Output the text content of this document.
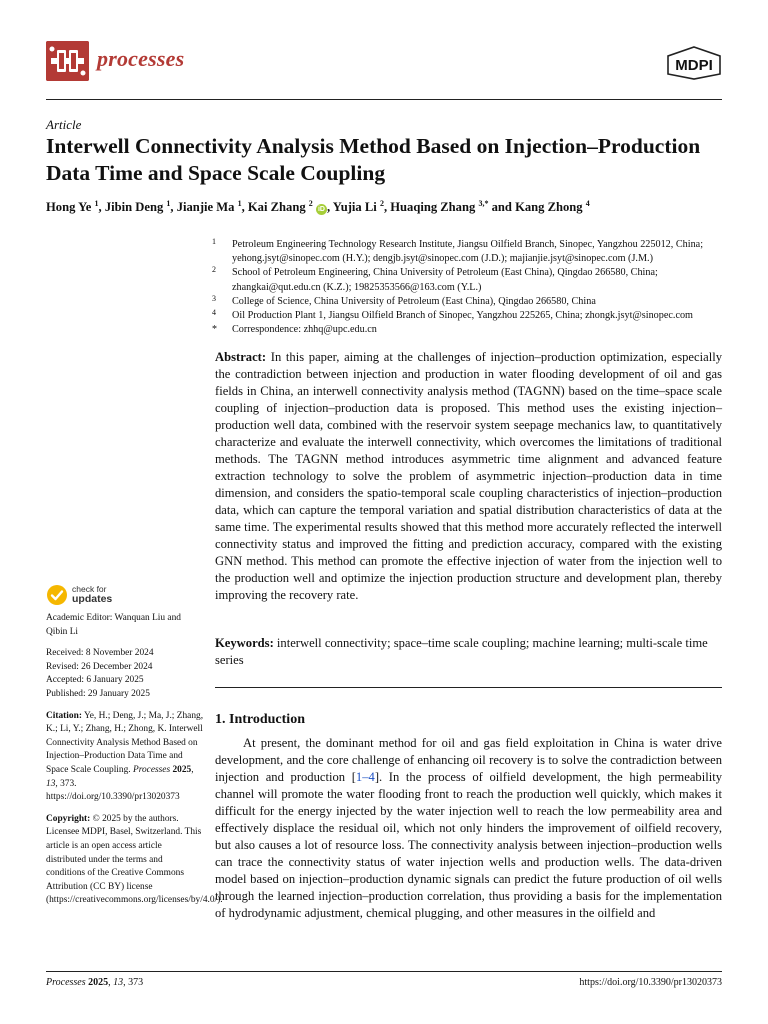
processes	MDPI
Article
Interwell Connectivity Analysis Method Based on Injection–Production Data Time and Space Scale Coupling
Hong Ye $^1$, Jibin Deng $^1$, Jianjie Ma $^1$, Kai Zhang $^2$ iD , Yujia Li $^2$, Huaqing Zhang $^{3,*}$ and Kang Zhong $^4$
1 Petroleum Engineering Technology Research Institute, Jiangsu Oilfield Branch, Sinopec, Yangzhou 225012, China; yehong.jsyt@sinopec.com (H.Y.); dengjb.jsyt@sinopec.com (J.D.); majianjie.jsyt@sinopec.com (J.M.)
2 School of Petroleum Engineering, China University of Petroleum (East China), Qingdao 266580, China; zhangkai@qut.edu.cn (K.Z.); 19825353566@163.com (Y.L.)
3 College of Science, China University of Petroleum (East China), Qingdao 266580, China
4 Oil Production Plant 1, Jiangsu Oilfield Branch of Sinopec, Yangzhou 225265, China; zhongk.jsyt@sinopec.com
* Correspondence: zhhq@upc.edu.cn

Abstract: In this paper, aiming at the challenges of injection–production optimization, especially the contradiction between injection and production in water flooding development of oil and gas fields in China, an interwell connectivity analysis method (TAGNN) based on the time–space scale coupling of injection–production data is proposed. This method uses the existing injection–production well data, combined with the reservoir system seepage mechanics law, to quantitatively characterize and evaluate the interwell connectivity, which overcomes the limitations of traditional methods. The TAGNN method introduces asymmetric time alignment and advanced feature extraction technology to solve the problem of asymmetric injection–production data in time dimension, and considers the spatio-temporal scale coupling characteristics of injection–production data, which can capture the temporal variation and spatial distribution characteristics of data at the same time. The experimental results showed that this method more accurately reflected the interwell connectivity status and improved the fitting and prediction accuracy, compared with the existing GNN method. This method can promote the effective injection of water from the injection well to the production well and optimize the injection production structure and development plan, thereby improving the recovery rate.

Keywords: interwell connectivity; space–time scale coupling; machine learning; multi-scale time series

check for
updates

Academic Editor: Wanquan Liu and Qibin Li

Received: 8 November 2024
Revised: 26 December 2024
Accepted: 6 January 2025
Published: 29 January 2025

Citation: Ye, H.; Deng, J.; Ma, J.; Zhang, K.; Li, Y.; Zhang, H.; Zhong, K. Interwell Connectivity Analysis Method Based on Injection–Production Data Time and Space Scale Coupling. Processes 2025, 13, 373. https://doi.org/10.3390/pr13020373

Copyright: © 2025 by the authors. Licensee MDPI, Basel, Switzerland. This article is an open access article distributed under the terms and conditions of the Creative Commons Attribution (CC BY) license (https://creativecommons.org/licenses/by/4.0/).

1. Introduction

At present, the dominant method for oil and gas field exploitation in China is water drive development, and the core challenge of enhancing oil recovery is to solve the contradiction between injection and production [1–4]. In the process of oilfield development, the high permeability channel will promote the water flooding front to reach the production well quickly, which makes it difficult for the energy injected by the water injection well to reach the low permeability area and effectively displace the residual oil, which not only hinders the improvement of oilfield recovery, but also causes a lot of resource loss. The connectivity analysis between injection–production wells can trace the connectivity status of water injection wells and production wells. The data-driven model based on injection–production dynamic signals can predict the future production of oil wells through the learned injection–production correlation, thus providing a basis for the implementation of hydrodynamic adjustment, chemical plugging, and other measures in the oilfield and

Processes 2025, 13, 373	https://doi.org/10.3390/pr13020373
